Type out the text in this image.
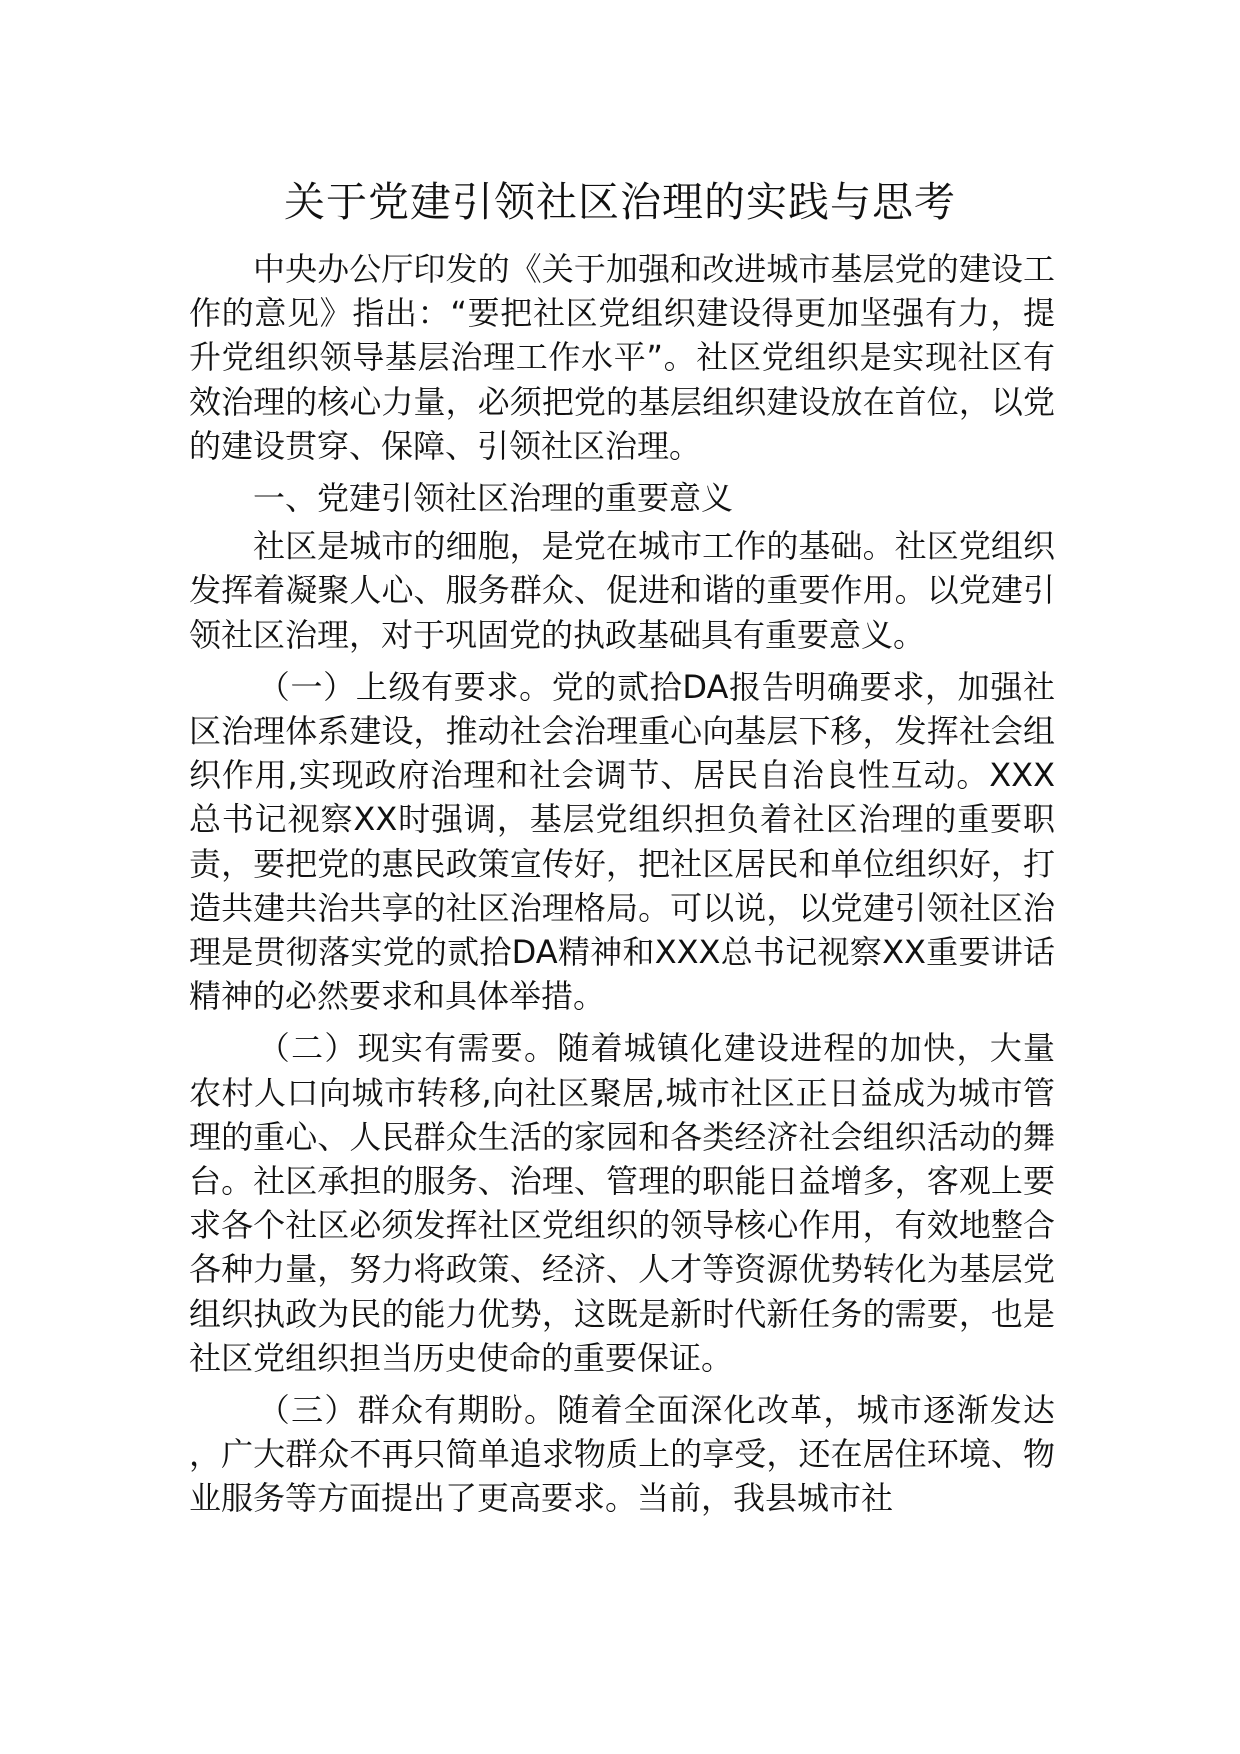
关于党建引领社区治理的实践与思考

中央办公厅印发的《关于加强和改进城市基层党的建设工作的意见》指出：“要把社区党组织建设得更加坚强有力，提升党组织领导基层治理工作水平”。社区党组织是实现社区有效治理的核心力量，必须把党的基层组织建设放在首位，以党的建设贯穿、保障、引领社区治理。

一、党建引领社区治理的重要意义

社区是城市的细胞，是党在城市工作的基础。社区党组织发挥着凝聚人心、服务群众、促进和谐的重要作用。以党建引领社区治理，对于巩固党的执政基础具有重要意义。

（一）上级有要求。党的贰拾DA报告明确要求，加强社区治理体系建设，推动社会治理重心向基层下移，发挥社会组织作用,实现政府治理和社会调节、居民自治良性互动。XXX总书记视察XX时强调，基层党组织担负着社区治理的重要职责，要把党的惠民政策宣传好，把社区居民和单位组织好，打造共建共治共享的社区治理格局。可以说，以党建引领社区治理是贯彻落实党的贰拾DA精神和XXX总书记视察XX重要讲话精神的必然要求和具体举措。

（二）现实有需要。随着城镇化建设进程的加快，大量农村人口向城市转移,向社区聚居,城市社区正日益成为城市管理的重心、人民群众生活的家园和各类经济社会组织活动的舞台。社区承担的服务、治理、管理的职能日益增多，客观上要求各个社区必须发挥社区党组织的领导核心作用，有效地整合各种力量，努力将政策、经济、人才等资源优势转化为基层党组织执政为民的能力优势，这既是新时代新任务的需要，也是社区党组织担当历史使命的重要保证。

（三）群众有期盼。随着全面深化改革，城市逐渐发达，广大群众不再只简单追求物质上的享受，还在居住环境、物业服务等方面提出了更高要求。当前，我县城市社
